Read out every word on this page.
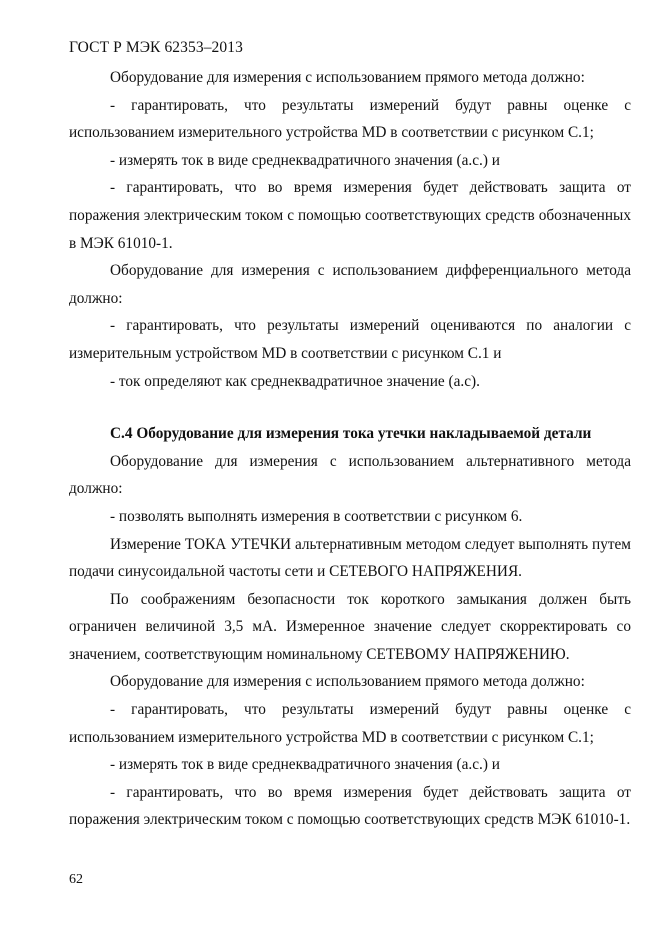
ГОСТ Р МЭК 62353–2013

Оборудование для измерения с использованием прямого метода должно:

- гарантировать, что результаты измерений будут равны оценке с использованием измерительного устройства MD в соответствии с рисунком С.1;

- измерять ток в виде среднеквадратичного значения (а.с.) и

- гарантировать, что во время измерения будет действовать защита от поражения электрическим током с помощью соответствующих средств обозначенных в МЭК 61010-1.

Оборудование для измерения с использованием дифференциального метода должно:

- гарантировать, что результаты измерений оцениваются по аналогии с измерительным устройством MD в соответствии с рисунком С.1 и

- ток определяют как среднеквадратичное значение (а.с).

С.4 Оборудование для измерения тока утечки накладываемой детали

Оборудование для измерения с использованием альтернативного метода должно:

- позволять выполнять измерения в соответствии с рисунком 6.

Измерение ТОКА УТЕЧКИ альтернативным методом следует выполнять путем подачи синусоидальной частоты сети и СЕТЕВОГО НАПРЯЖЕНИЯ.

По соображениям безопасности ток короткого замыкания должен быть ограничен величиной 3,5 мА. Измеренное значение следует скорректировать со значением, соответствующим номинальному СЕТЕВОМУ НАПРЯЖЕНИЮ.

Оборудование для измерения с использованием прямого метода должно:

- гарантировать, что результаты измерений будут равны оценке с использованием измерительного устройства MD в соответствии с рисунком С.1;

- измерять ток в виде среднеквадратичного значения (а.с.) и

- гарантировать, что во время измерения будет действовать защита от поражения электрическим током с помощью соответствующих средств МЭК 61010-1.

62
